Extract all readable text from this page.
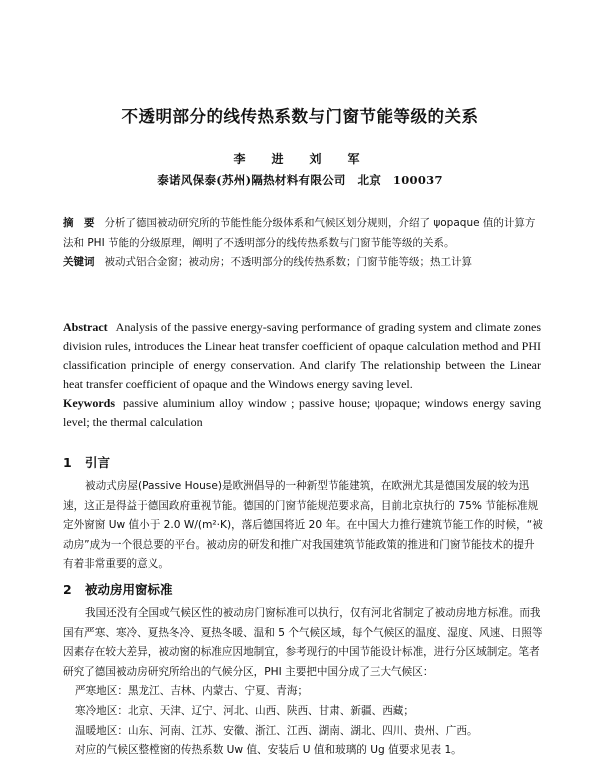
不透明部分的线传热系数与门窗节能等级的关系
李　进　刘　军
泰诺风保泰(苏州)隔热材料有限公司　北京　100037

摘　要 分析了德国被动研究所的节能性能分级体系和气候区划分规则，介绍了 ψopaque 值的计算方法和 PHI 节能的分级原理，阐明了不透明部分的线传热系数与门窗节能等级的关系。

关键词 被动式铝合金窗；被动房；不透明部分的线传热系数；门窗节能等级；热工计算

Abstract Analysis of the passive energy-saving performance of grading system and climate zones division rules, introduces the Linear heat transfer coefficient of opaque calculation method and PHI classification principle of energy conservation. And clarify The relationship between the Linear heat transfer coefficient of opaque and the Windows energy saving level.

Keywords passive aluminium alloy window ; passive house; ψopaque; windows energy saving level; the thermal calculation

1 引言

被动式房屋(Passive House)是欧洲倡导的一种新型节能建筑，在欧洲尤其是德国发展的较为迅速，这正是得益于德国政府重视节能。德国的门窗节能规范要求高，目前北京执行的 75% 节能标准规定外窗窗 Uw 值小于 2.0 W/(m²·K)，落后德国将近 20 年。在中国大力推行建筑节能工作的时候，“被动房”成为一个很总要的平台。被动房的研发和推广对我国建筑节能政策的推进和门窗节能技术的提升有着非常重要的意义。

2 被动房用窗标准

我国还没有全国或气候区性的被动房门窗标准可以执行，仅有河北省制定了被动房地方标准。而我国有严寒、寒冷、夏热冬冷、夏热冬暖、温和 5 个气候区域，每个气候区的温度、湿度、风速、日照等因素存在较大差异，被动窗的标准应因地制宜，参考现行的中国节能设计标准，进行分区域制定。笔者研究了德国被动房研究所给出的气候分区，PHI 主要把中国分成了三大气候区：

严寒地区：黑龙江、吉林、内蒙古、宁夏、青海；

寒冷地区：北京、天津、辽宁、河北、山西、陕西、甘肃、新疆、西藏；

温暖地区：山东、河南、江苏、安徽、浙江、江西、湖南、湖北、四川、贵州、广西。

对应的气候区整樘窗的传热系数 Uw 值、安装后 U 值和玻璃的 Ug 值要求见表 1。
